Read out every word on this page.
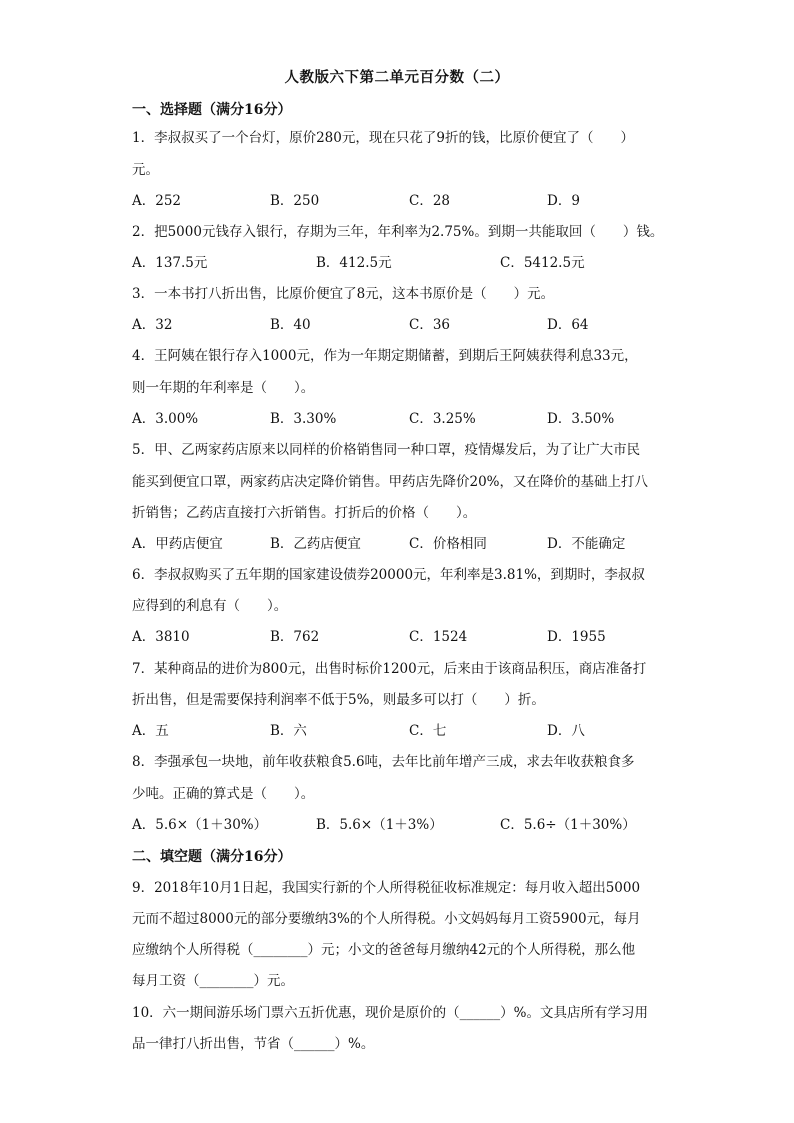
人教版六下第二单元百分数（二）
一、选择题（满分16分）
1．李叔叔买了一个台灯，原价280元，现在只花了9折的钱，比原价便宜了（　　）
元。
A．252	B．250	C．28	D．9
2．把5000元钱存入银行，存期为三年，年利率为2.75%。到期一共能取回（　　）钱。
A．137.5元	B．412.5元	C．5412.5元
3．一本书打八折出售，比原价便宜了8元，这本书原价是（　　）元。
A．32	B．40	C．36	D．64
4．王阿姨在银行存入1000元，作为一年期定期储蓄，到期后王阿姨获得利息33元，
则一年期的年利率是（　　）。
A．3.00%	B．3.30%	C．3.25%	D．3.50%
5．甲、乙两家药店原来以同样的价格销售同一种口罩，疫情爆发后，为了让广大市民
能买到便宜口罩，两家药店决定降价销售。甲药店先降价20%，又在降价的基础上打八
折销售；乙药店直接打六折销售。打折后的价格（　　）。
A．甲药店便宜	B．乙药店便宜	C．价格相同	D．不能确定
6．李叔叔购买了五年期的国家建设债券20000元，年利率是3.81%，到期时，李叔叔
应得到的利息有（　　）。
A．3810	B．762	C．1524	D．1955
7．某种商品的进价为800元，出售时标价1200元，后来由于该商品积压，商店准备打
折出售，但是需要保持利润率不低于5%，则最多可以打（　　）折。
A．五	B．六	C．七	D．八
8．李强承包一块地，前年收获粮食5.6吨，去年比前年增产三成，求去年收获粮食多
少吨。正确的算式是（　　）。
A．5.6×（1＋30%）	B．5.6×（1＋3%）	C．5.6÷（1＋30%）
二、填空题（满分16分）
9．2018年10月1日起，我国实行新的个人所得税征收标准规定：每月收入超出5000
元而不超过8000元的部分要缴纳3%的个人所得税。小文妈妈每月工资5900元，每月
应缴纳个人所得税（________）元；小文的爸爸每月缴纳42元的个人所得税，那么他
每月工资（________）元。
10．六一期间游乐场门票六五折优惠，现价是原价的（______）%。文具店所有学习用
品一律打八折出售，节省（______）%。
